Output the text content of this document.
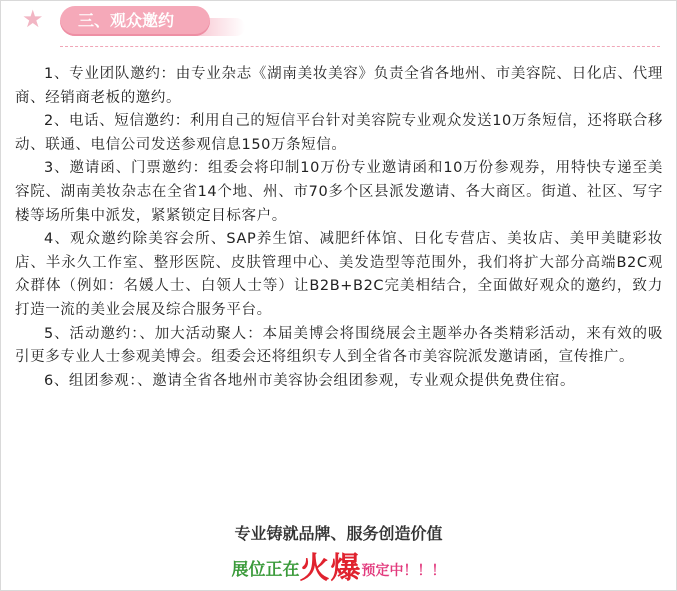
★	三、观众邀约

1、专业团队邀约：由专业杂志《湖南美妆美容》负责全省各地州、市美容院、日化店、代理商、经销商老板的邀约。

2、电话、短信邀约：利用自己的短信平台针对美容院专业观众发送10万条短信，还将联合移动、联通、电信公司发送参观信息150万条短信。

3、邀请函、门票邀约：组委会将印制10万份专业邀请函和10万份参观券，用特快专递至美容院、湖南美妆杂志在全省14个地、州、市70多个区县派发邀请、各大商区。街道、社区、写字楼等场所集中派发，紧紧锁定目标客户。

4、观众邀约除美容会所、SAP养生馆、减肥纤体馆、日化专营店、美妆店、美甲美睫彩妆店、半永久工作室、整形医院、皮肤管理中心、美发造型等范围外，我们将扩大部分高端B2C观众群体（例如：名媛人士、白领人士等）让B2B+B2C完美相结合，全面做好观众的邀约，致力打造一流的美业会展及综合服务平台。

5、活动邀约：、加大活动聚人：本届美博会将围绕展会主题举办各类精彩活动，来有效的吸引更多专业人士参观美博会。组委会还将组织专人到全省各市美容院派发邀请函，宣传推广。

6、组团参观：、邀请全省各地州市美容协会组团参观，专业观众提供免费住宿。

专业铸就品牌、服务创造价值
展位正在火爆预定中！！！
